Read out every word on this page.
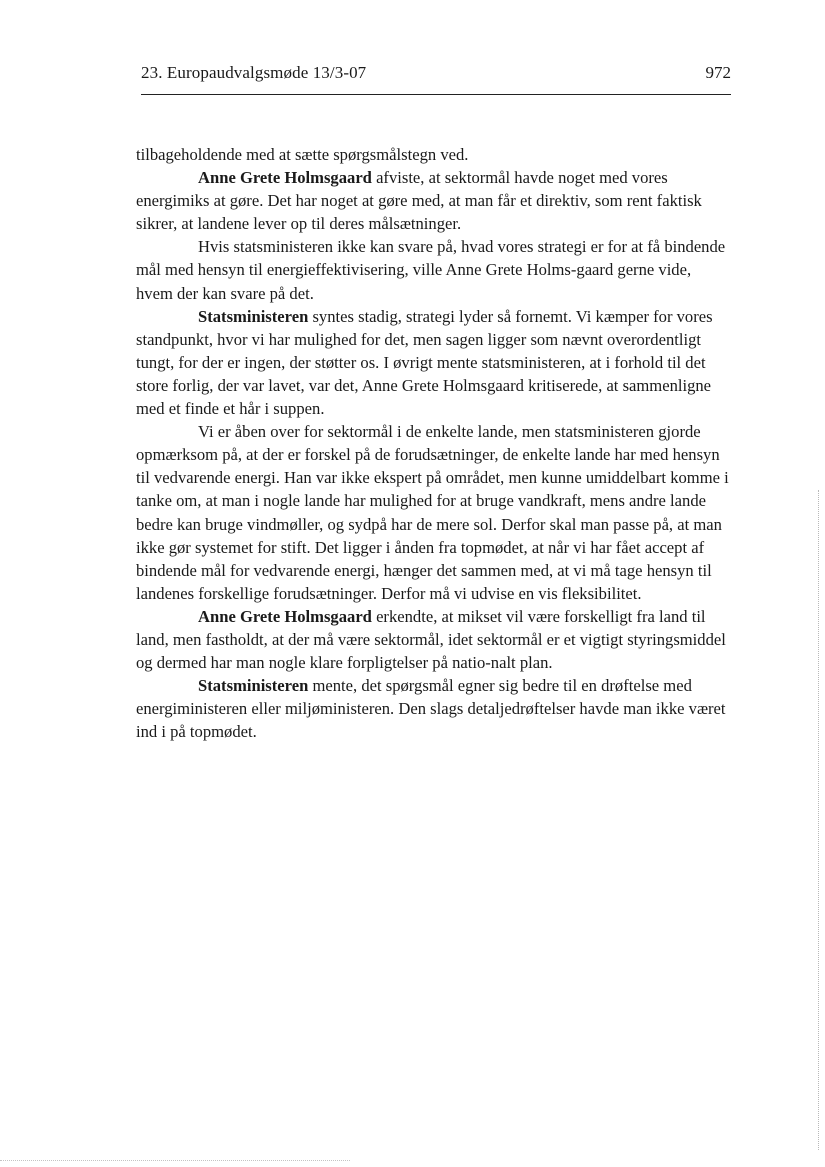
23. Europaudvalgsmøde 13/3-07	972

tilbageholdende med at sætte spørgsmålstegn ved.

Anne Grete Holmsgaard afviste, at sektormål havde noget med vores energimiks at gøre. Det har noget at gøre med, at man får et direktiv, som rent faktisk sikrer, at landene lever op til deres målsætninger.

Hvis statsministeren ikke kan svare på, hvad vores strategi er for at få bindende mål med hensyn til energieffektivisering, ville Anne Grete Holms-gaard gerne vide, hvem der kan svare på det.

Statsministeren syntes stadig, strategi lyder så fornemt. Vi kæmper for vores standpunkt, hvor vi har mulighed for det, men sagen ligger som nævnt overordentligt tungt, for der er ingen, der støtter os. I øvrigt mente statsministeren, at i forhold til det store forlig, der var lavet, var det, Anne Grete Holmsgaard kritiserede, at sammenligne med et finde et hår i suppen.

Vi er åben over for sektormål i de enkelte lande, men statsministeren gjorde opmærksom på, at der er forskel på de forudsætninger, de enkelte lande har med hensyn til vedvarende energi. Han var ikke ekspert på området, men kunne umiddelbart komme i tanke om, at man i nogle lande har mulighed for at bruge vandkraft, mens andre lande bedre kan bruge vindmøller, og sydpå har de mere sol. Derfor skal man passe på, at man ikke gør systemet for stift. Det ligger i ånden fra topmødet, at når vi har fået accept af bindende mål for vedvarende energi, hænger det sammen med, at vi må tage hensyn til landenes forskellige forudsætninger. Derfor må vi udvise en vis fleksibilitet.

Anne Grete Holmsgaard erkendte, at mikset vil være forskelligt fra land til land, men fastholdt, at der må være sektormål, idet sektormål er et vigtigt styringsmiddel og dermed har man nogle klare forpligtelser på natio-nalt plan.

Statsministeren mente, det spørgsmål egner sig bedre til en drøftelse med energiministeren eller miljøministeren. Den slags detaljedrøftelser havde man ikke været ind i på topmødet.
